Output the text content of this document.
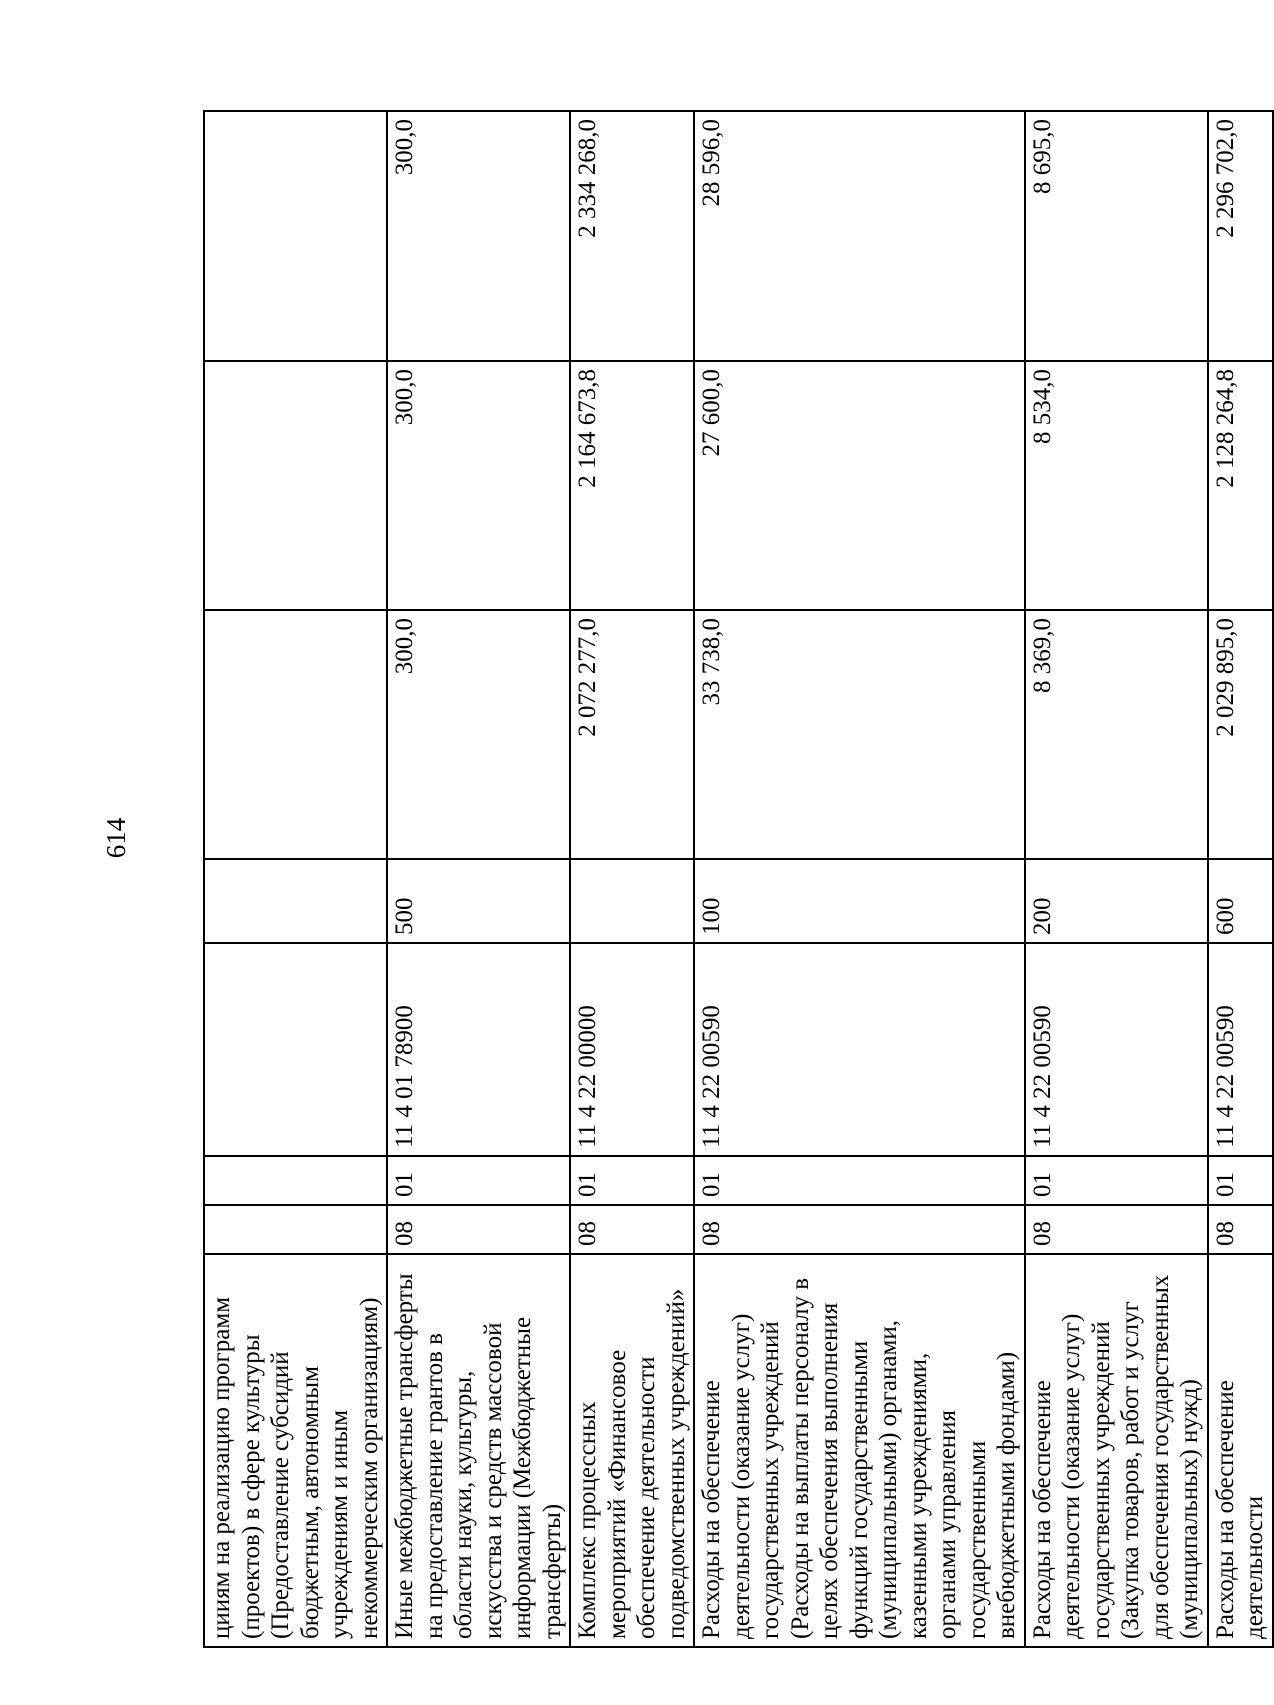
614
цииям на реализацию программ (проектов) в сфере культуры (Предоставление субсидий бюджетным, автономным учреждениям и иным некоммерческим организациям)							
Иные межбюджетные трансферты на предоставление грантов в области науки, культуры, искусства и средств массовой информации (Межбюджетные трансферты)	08	01	11 4 01 78900	500	300,0	300,0	300,0
Комплекс процессных мероприятий «Финансовое обеспечение деятельности подведомственных учреждений»	08	01	11 4 22 00000		2 072 277,0	2 164 673,8	2 334 268,0
Расходы на обеспечение деятельности (оказание услуг) государственных учреждений (Расходы на выплаты персоналу в целях обеспечения выполнения функций государственными (муниципальными) органами, казенными учреждениями, органами управления государственными внебюджетными фондами)	08	01	11 4 22 00590	100	33 738,0	27 600,0	28 596,0
Расходы на обеспечение деятельности (оказание услуг) государственных учреждений (Закупка товаров, работ и услуг для обеспечения государственных (муниципальных) нужд)	08	01	11 4 22 00590	200	8 369,0	8 534,0	8 695,0
Расходы на обеспечение деятельности	08	01	11 4 22 00590	600	2 029 895,0	2 128 264,8	2 296 702,0
